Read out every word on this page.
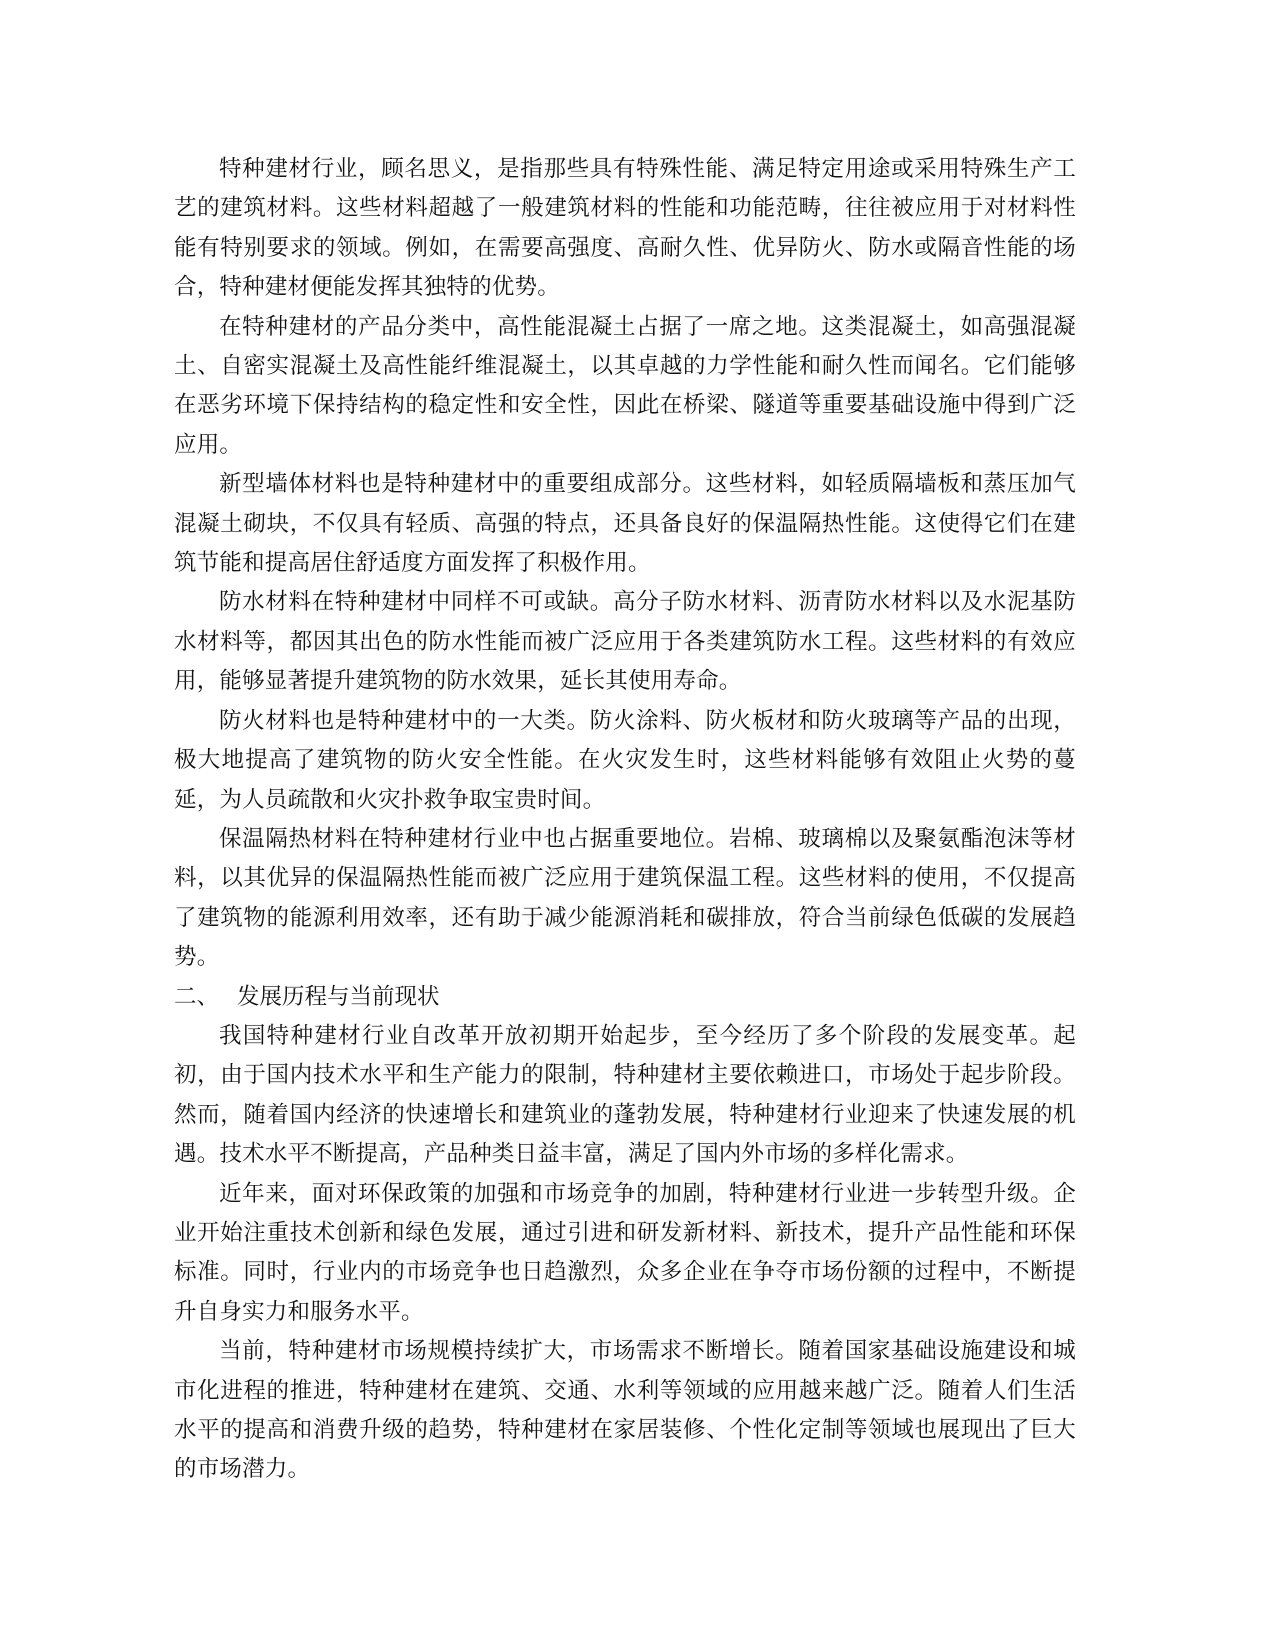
特种建材行业，顾名思义，是指那些具有特殊性能、满足特定用途或采用特殊生产工艺的建筑材料。这些材料超越了一般建筑材料的性能和功能范畴，往往被应用于对材料性能有特别要求的领域。例如，在需要高强度、高耐久性、优异防火、防水或隔音性能的场合，特种建材便能发挥其独特的优势。

在特种建材的产品分类中，高性能混凝土占据了一席之地。这类混凝土，如高强混凝土、自密实混凝土及高性能纤维混凝土，以其卓越的力学性能和耐久性而闻名。它们能够在恶劣环境下保持结构的稳定性和安全性，因此在桥梁、隧道等重要基础设施中得到广泛应用。

新型墙体材料也是特种建材中的重要组成部分。这些材料，如轻质隔墙板和蒸压加气混凝土砌块，不仅具有轻质、高强的特点，还具备良好的保温隔热性能。这使得它们在建筑节能和提高居住舒适度方面发挥了积极作用。

防水材料在特种建材中同样不可或缺。高分子防水材料、沥青防水材料以及水泥基防水材料等，都因其出色的防水性能而被广泛应用于各类建筑防水工程。这些材料的有效应用，能够显著提升建筑物的防水效果，延长其使用寿命。

防火材料也是特种建材中的一大类。防火涂料、防火板材和防火玻璃等产品的出现，极大地提高了建筑物的防火安全性能。在火灾发生时，这些材料能够有效阻止火势的蔓延，为人员疏散和火灾扑救争取宝贵时间。

保温隔热材料在特种建材行业中也占据重要地位。岩棉、玻璃棉以及聚氨酯泡沫等材料，以其优异的保温隔热性能而被广泛应用于建筑保温工程。这些材料的使用，不仅提高了建筑物的能源利用效率，还有助于减少能源消耗和碳排放，符合当前绿色低碳的发展趋势。

二、 发展历程与当前现状

我国特种建材行业自改革开放初期开始起步，至今经历了多个阶段的发展变革。起初，由于国内技术水平和生产能力的限制，特种建材主要依赖进口，市场处于起步阶段。然而，随着国内经济的快速增长和建筑业的蓬勃发展，特种建材行业迎来了快速发展的机遇。技术水平不断提高，产品种类日益丰富，满足了国内外市场的多样化需求。

近年来，面对环保政策的加强和市场竞争的加剧，特种建材行业进一步转型升级。企业开始注重技术创新和绿色发展，通过引进和研发新材料、新技术，提升产品性能和环保标准。同时，行业内的市场竞争也日趋激烈，众多企业在争夺市场份额的过程中，不断提升自身实力和服务水平。

当前，特种建材市场规模持续扩大，市场需求不断增长。随着国家基础设施建设和城市化进程的推进，特种建材在建筑、交通、水利等领域的应用越来越广泛。随着人们生活水平的提高和消费升级的趋势，特种建材在家居装修、个性化定制等领域也展现出了巨大的市场潜力。
